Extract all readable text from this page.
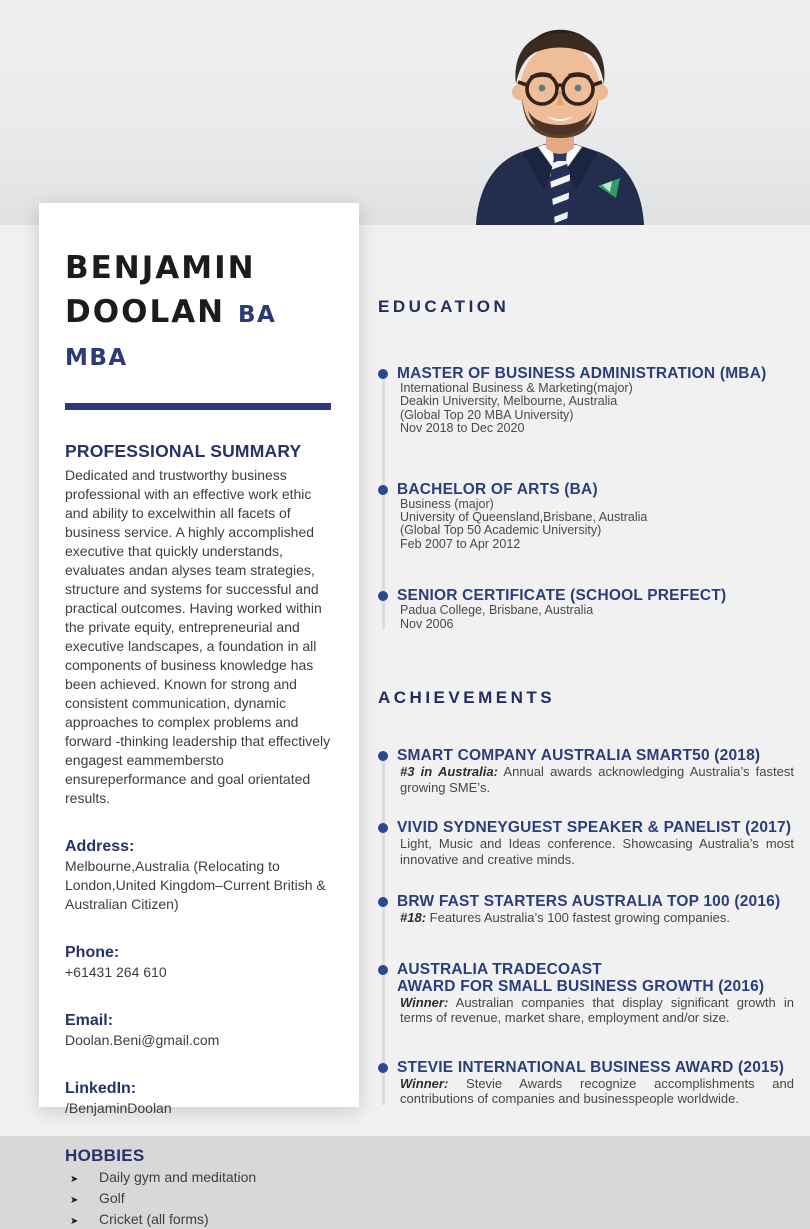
BENJAMIN
DOOLAN BA MBA
PROFESSIONAL SUMMARY
Dedicated and trustworthy business professional with an effective work ethic and ability to excelwithin all facets of business service. A highly accomplished executive that quickly understands, evaluates andan alyses team strategies, structure and systems for successful and practical outcomes. Having worked within the private equity, entrepreneurial and executive landscapes, a foundation in all components of business knowledge has been achieved. Known for strong and consistent communication, dynamic approaches to complex problems and forward -thinking leadership that effectively engagest eammembersto ensureperformance and goal orientated results.
Address:
Melbourne,Australia (Relocating to London,United Kingdom–Current British & Australian Citizen)
Phone:
+61431 264 610
Email:
Doolan.Beni@gmail.com
LinkedIn:
/BenjaminDoolan
HOBBIES
➤	Daily gym and meditation
➤	Golf
➤	Cricket (all forms)
EDUCATION
MASTER OF BUSINESS ADMINISTRATION (MBA)
International Business & Marketing(major)
Deakin University, Melbourne, Australia
(Global Top 20 MBA University)
Nov 2018 to Dec 2020
BACHELOR OF ARTS (BA)
Business (major)
University of Queensland,Brisbane, Australia
(Global Top 50 Academic University)
Feb 2007 to Apr 2012
SENIOR CERTIFICATE (SCHOOL PREFECT)
Padua College, Brisbane, Australia
Nov 2006
ACHIEVEMENTS
SMART COMPANY AUSTRALIA SMART50 (2018)
#3 in Australia: Annual awards acknowledging Australia’s fastest growing SME’s.
VIVID SYDNEYGUEST SPEAKER & PANELIST (2017)
Light, Music and Ideas conference. Showcasing Australia’s most innovative and creative minds.
BRW FAST STARTERS AUSTRALIA TOP 100 (2016)
#18: Features Australia’s 100 fastest growing companies.
AUSTRALIA TRADECOAST
AWARD FOR SMALL BUSINESS GROWTH (2016)
Winner: Australian companies that display significant growth in terms of revenue, market share, employment and/or size.
STEVIE INTERNATIONAL BUSINESS AWARD (2015)
Winner: Stevie Awards recognize accomplishments and contributions of companies and businesspeople worldwide.
